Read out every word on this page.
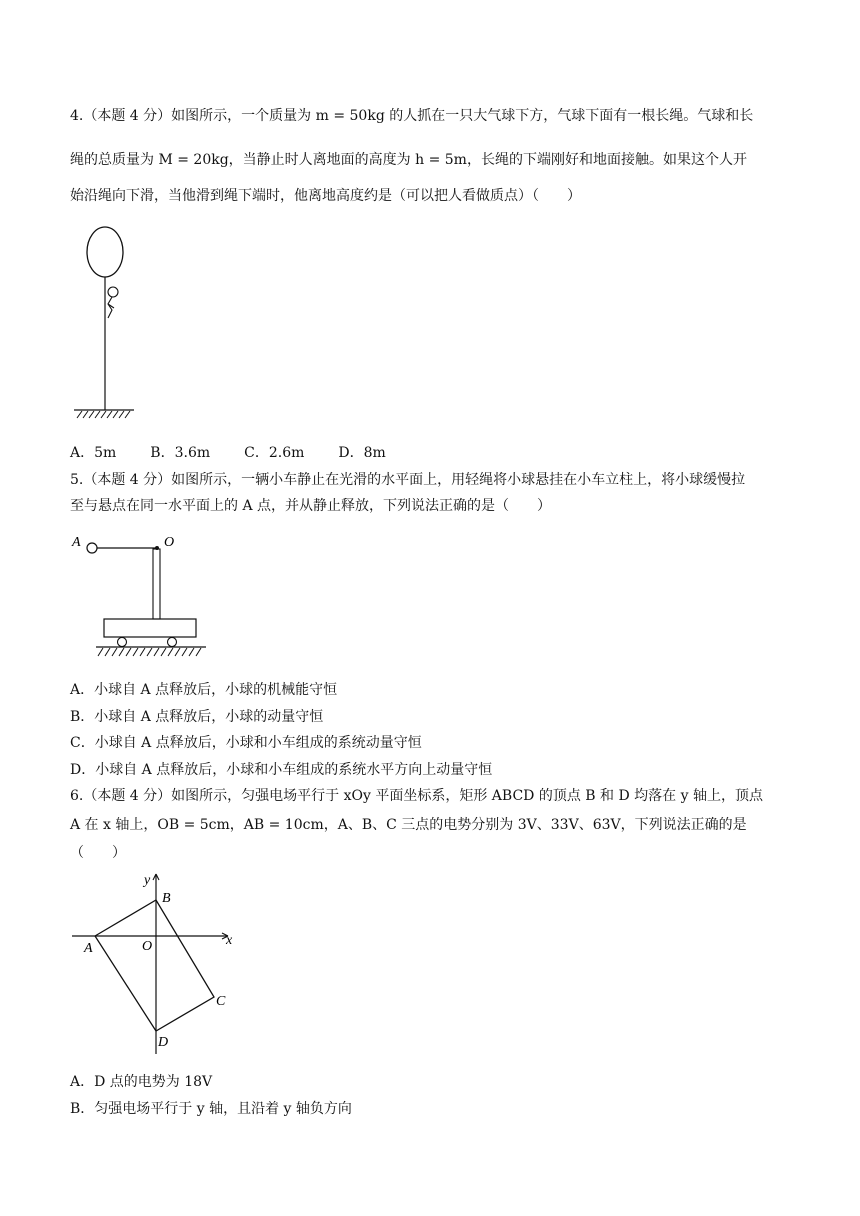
4.（本题 4 分）如图所示，一个质量为 m = 50kg 的人抓在一只大气球下方，气球下面有一根长绳。气球和长
绳的总质量为 M = 20kg，当静止时人离地面的高度为 h = 5m，长绳的下端刚好和地面接触。如果这个人开
始沿绳向下滑，当他滑到绳下端时，他离地高度约是（可以把人看做质点）（　　）
A．5m B．3.6m C．2.6m D．8m
5.（本题 4 分）如图所示，一辆小车静止在光滑的水平面上，用轻绳将小球悬挂在小车立柱上，将小球缓慢拉
至与悬点在同一水平面上的 A 点，并从静止释放，下列说法正确的是（　　）
A	O
A．小球自 A 点释放后，小球的机械能守恒
B．小球自 A 点释放后，小球的动量守恒
C．小球自 A 点释放后，小球和小车组成的系统动量守恒
D．小球自 A 点释放后，小球和小车组成的系统水平方向上动量守恒
6.（本题 4 分）如图所示，匀强电场平行于 xOy 平面坐标系，矩形 ABCD 的顶点 B 和 D 均落在 y 轴上，顶点
A 在 x 轴上，OB = 5cm，AB = 10cm，A、B、C 三点的电势分别为 3V、33V、63V，下列说法正确的是
（　　）
x
y
B
A	O
C
D
A．D 点的电势为 18V
B．匀强电场平行于 y 轴，且沿着 y 轴负方向
